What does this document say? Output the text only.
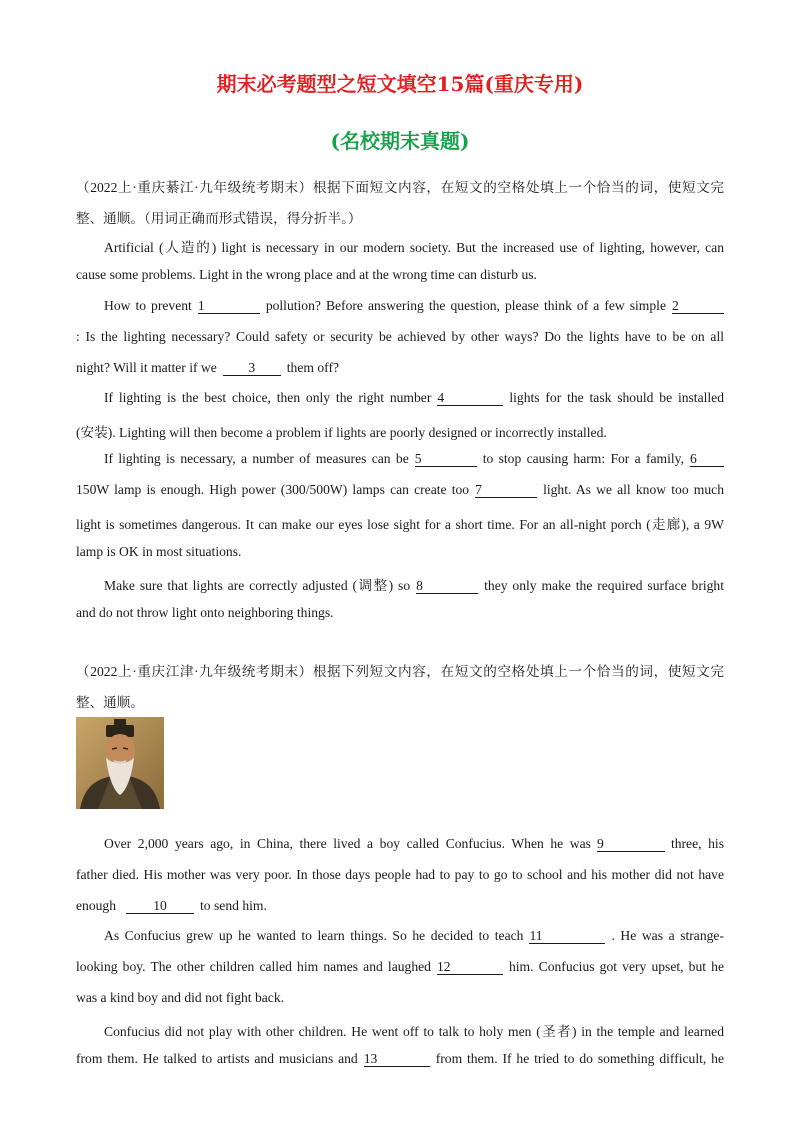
期末必考题型之短文填空15篇(重庆专用)
(名校期末真题)
（2022上·重庆綦江·九年级统考期末）根据下面短文内容，在短文的空格处填上一个恰当的词，使短文完
整、通顺。（用词正确而形式错误，得分折半。）
Artificial (人造的) light is necessary in our modern society. But the increased use of lighting, however, can
cause some problems. Light in the wrong place and at the wrong time can disturb us.
How to prevent 1	pollution? Before answering the question, please think of a few simple 2
: Is the lighting necessary? Could safety or security be achieved by other ways? Do the lights have to be on all
night? Will it matter if we 3 them off?
If lighting is the best choice, then only the right number 4	lights for the task should be installed
(安装). Lighting will then become a problem if lights are poorly designed or incorrectly installed.
If lighting is necessary, a number of measures can be 5	to stop causing harm: For a family, 6
150W lamp is enough. High power (300/500W) lamps can create too 7	light. As we all know too much
light is sometimes dangerous. It can make our eyes lose sight for a short time. For an all-night porch (走廊), a 9W
lamp is OK in most situations.
Make sure that lights are correctly adjusted (调整) so 8	they only make the required surface bright
and do not throw light onto neighboring things.
（2022上·重庆江津·九年级统考期末）根据下列短文内容，在短文的空格处填上一个恰当的词，使短文完
整、通顺。
Over 2,000 years ago, in China, there lived a boy called Confucius. When he was 9	three, his
father died. His mother was very poor. In those days people had to pay to go to school and his mother did not have
enough	10 to send him.
As Confucius grew up he wanted to learn things. So he decided to teach 11	. He was a strange-
looking boy. The other children called him names and laughed 12	him. Confucius got very upset, but he
was a kind boy and did not fight back.
Confucius did not play with other children. He went off to talk to holy men (圣者) in the temple and learned
from them. He talked to artists and musicians and 13	from them. If he tried to do something difficult, he
